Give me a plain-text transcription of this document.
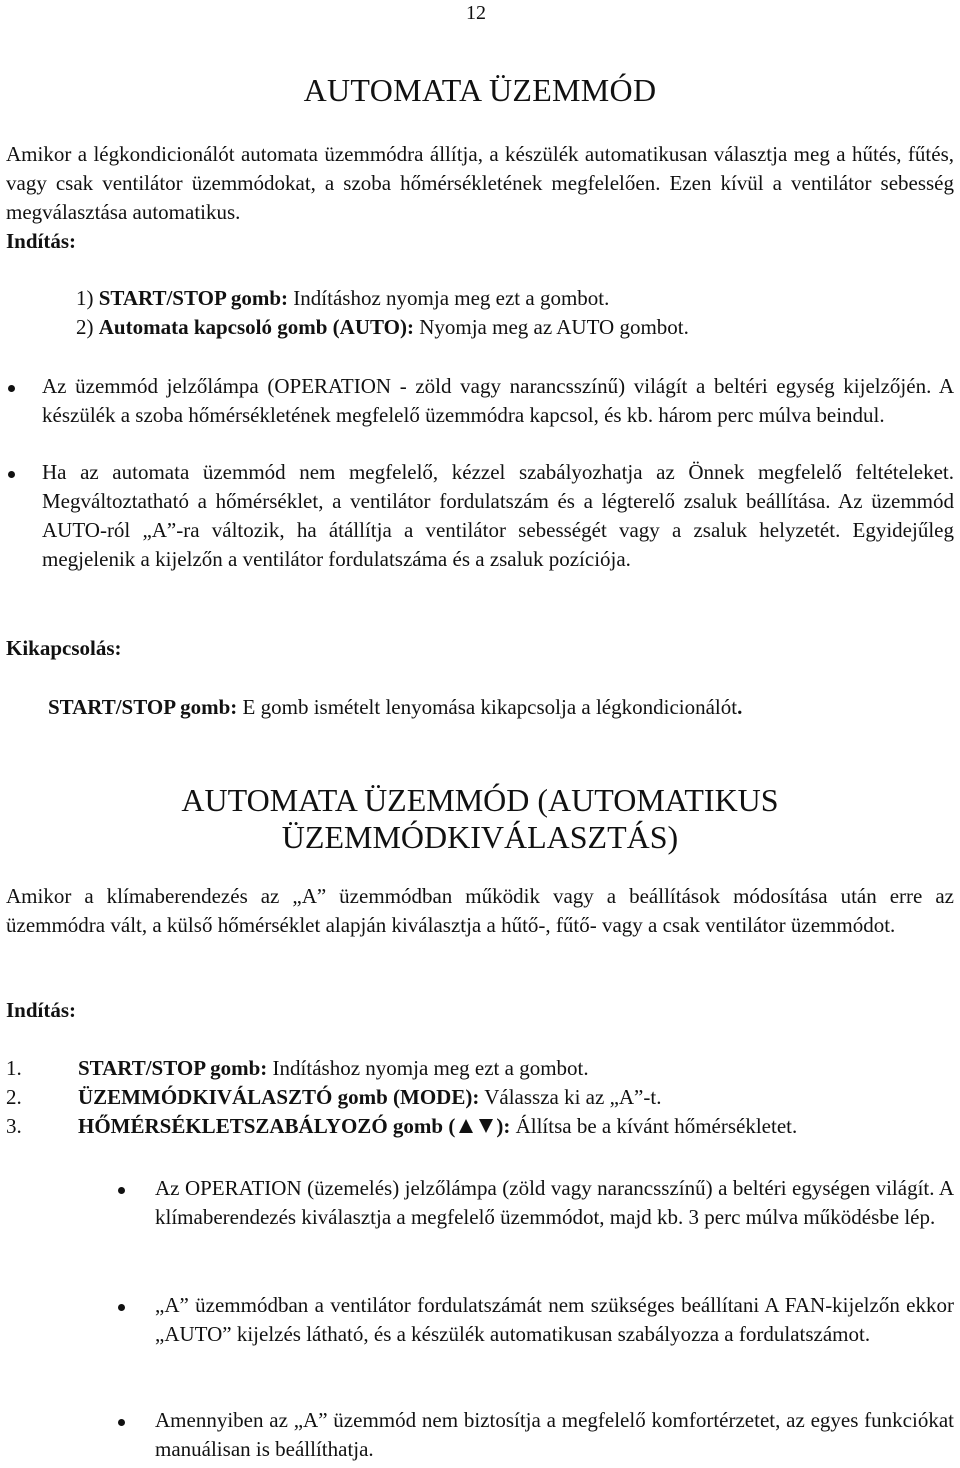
12
AUTOMATA ÜZEMMÓD

Amikor a légkondicionálót automata üzemmódra állítja, a készülék automatikusan választja meg a hűtés, fűtés, vagy csak ventilátor üzemmódokat, a szoba hőmérsékletének megfelelően. Ezen kívül a ventilátor sebesség megválasztása automatikus.

Indítás:

1) START/STOP gomb: Indításhoz nyomja meg ezt a gombot.

2) Automata kapcsoló gomb (AUTO): Nyomja meg az AUTO gombot.

Az üzemmód jelzőlámpa (OPERATION - zöld vagy narancsszínű) világít a beltéri egység kijelzőjén. A készülék a szoba hőmérsékletének megfelelő üzemmódra kapcsol, és kb. három perc múlva beindul.
Ha az automata üzemmód nem megfelelő, kézzel szabályozhatja az Önnek megfelelő feltételeket. Megváltoztatható a hőmérséklet, a ventilátor fordulatszám és a légterelő zsaluk beállítása. Az üzemmód AUTO-ról „A”-ra változik, ha átállítja a ventilátor sebességét vagy a zsaluk helyzetét. Egyidejűleg megjelenik a kijelzőn a ventilátor fordulatszáma és a zsaluk pozíciója.

Kikapcsolás:

START/STOP gomb: E gomb ismételt lenyomása kikapcsolja a légkondicionálót.

AUTOMATA ÜZEMMÓD (AUTOMATIKUS
ÜZEMMÓDKIVÁLASZTÁS)

Amikor a klímaberendezés az „A” üzemmódban működik vagy a beállítások módosítása után erre az üzemmódra vált, a külső hőmérséklet alapján kiválasztja a hűtő-, fűtő- vagy a csak ventilátor üzemmódot.

Indítás:

1.	START/STOP gomb: Indításhoz nyomja meg ezt a gombot.

2.	ÜZEMMÓDKIVÁLASZTÓ gomb (MODE): Válassza ki az „A”-t.

3.	HŐMÉRSÉKLETSZABÁLYOZÓ gomb ( ): Állítsa be a kívánt hőmérsékletet.

Az OPERATION (üzemelés) jelzőlámpa (zöld vagy narancsszínű) a beltéri egységen világít. A klímaberendezés kiválasztja a megfelelő üzemmódot, majd kb. 3 perc múlva működésbe lép.
„A” üzemmódban a ventilátor fordulatszámát nem szükséges beállítani A FAN-kijelzőn ekkor „AUTO” kijelzés látható, és a készülék automatikusan szabályozza a fordulatszámot.
Amennyiben az „A” üzemmód nem biztosítja a megfelelő komfortérzetet, az egyes funkciókat manuálisan is beállíthatja.
